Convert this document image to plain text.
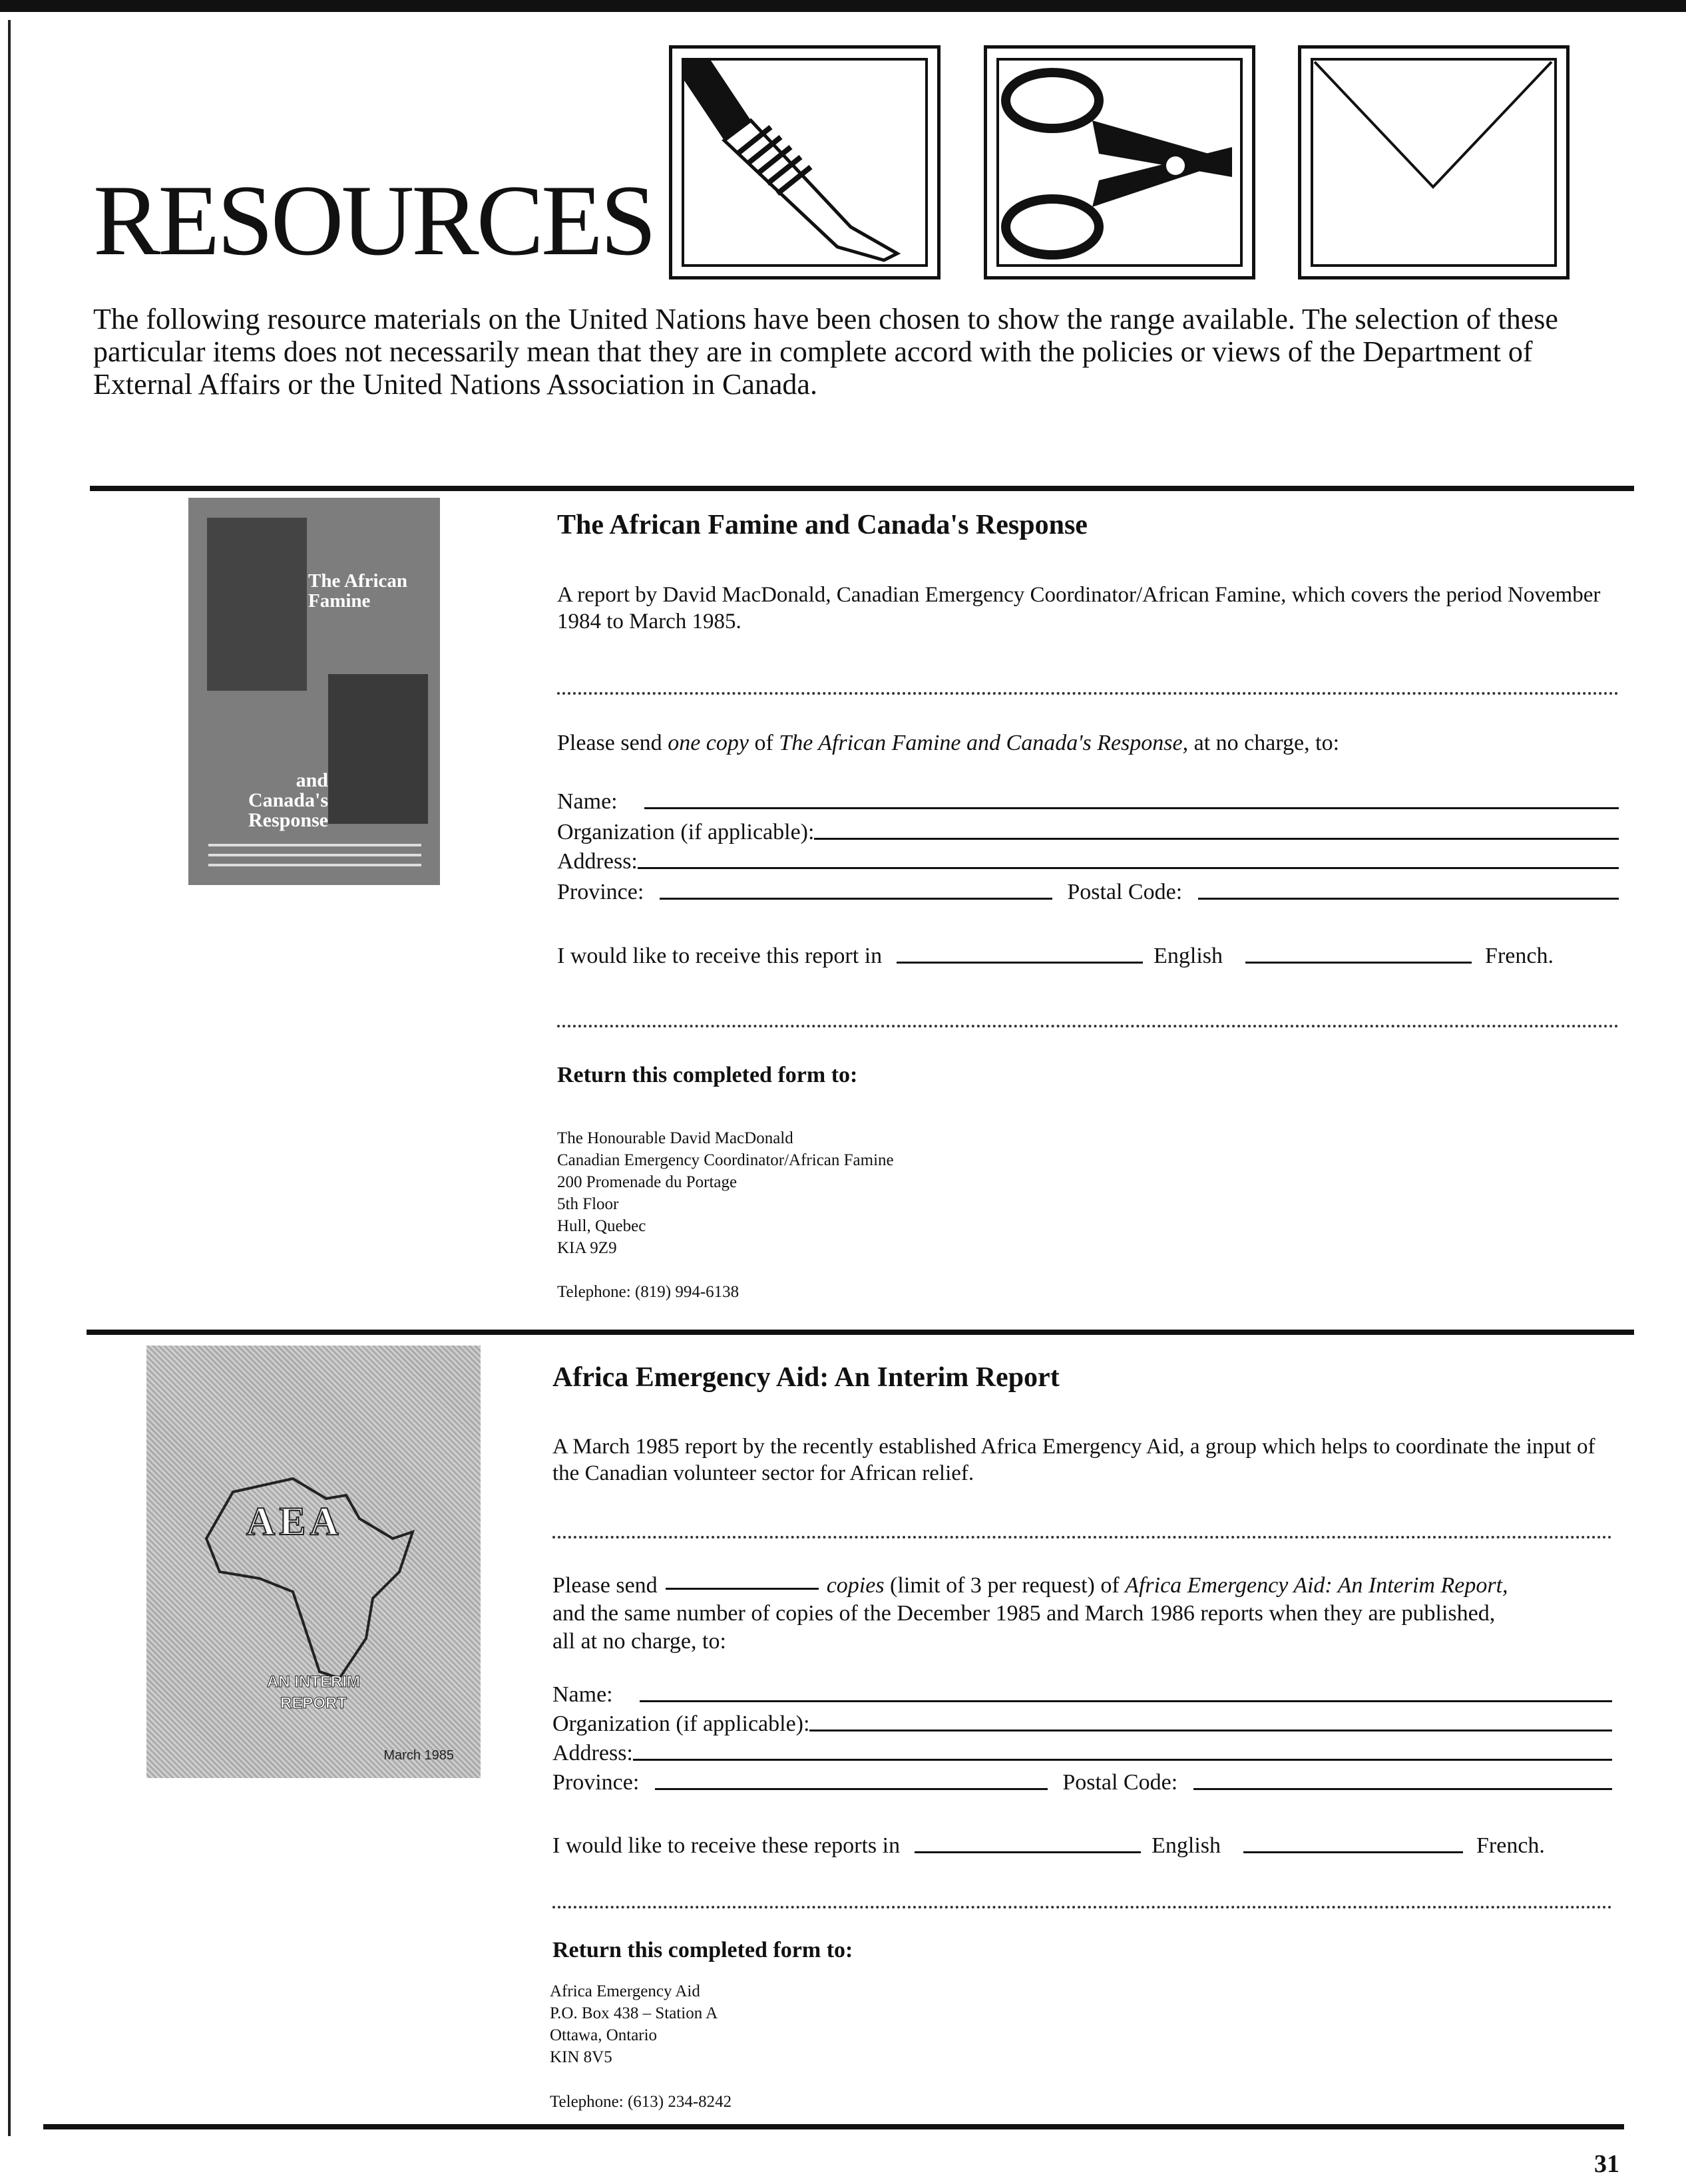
RESOURCES
The following resource materials on the United Nations have been chosen to show the range available. The selection of these particular items does not necessarily mean that they are in complete accord with the policies or views of the Department of External Affairs or the United Nations Association in Canada.
The African
Famine
and
Canada's
Response
The African Famine and Canada's Response
A report by David MacDonald, Canadian Emergency Coordinator/African Famine, which covers the period November 1984 to March 1985.
Please send one copy of The African Famine and Canada's Response, at no charge, to:
Name:
Organization (if applicable):
Address:
Province:	Postal Code:
I would like to receive this report in	English	French.
Return this completed form to:
The Honourable David MacDonald
Canadian Emergency Coordinator/African Famine
200 Promenade du Portage
5th Floor
Hull, Quebec
KIA 9Z9
Telephone: (819) 994-6138
AEA
AN INTERIM
REPORT
March 1985
Africa Emergency Aid: An Interim Report
A March 1985 report by the recently established Africa Emergency Aid, a group which helps to coordinate the input of the Canadian volunteer sector for African relief.
Please send	copies (limit of 3 per request) of Africa Emergency Aid: An Interim Report,
and the same number of copies of the December 1985 and March 1986 reports when they are published,
all at no charge, to:
Name:
Organization (if applicable):
Address:
Province:	Postal Code:
I would like to receive these reports in	English	French.
Return this completed form to:
Africa Emergency Aid
P.O. Box 438 – Station A
Ottawa, Ontario
KIN 8V5
Telephone: (613) 234-8242
31
